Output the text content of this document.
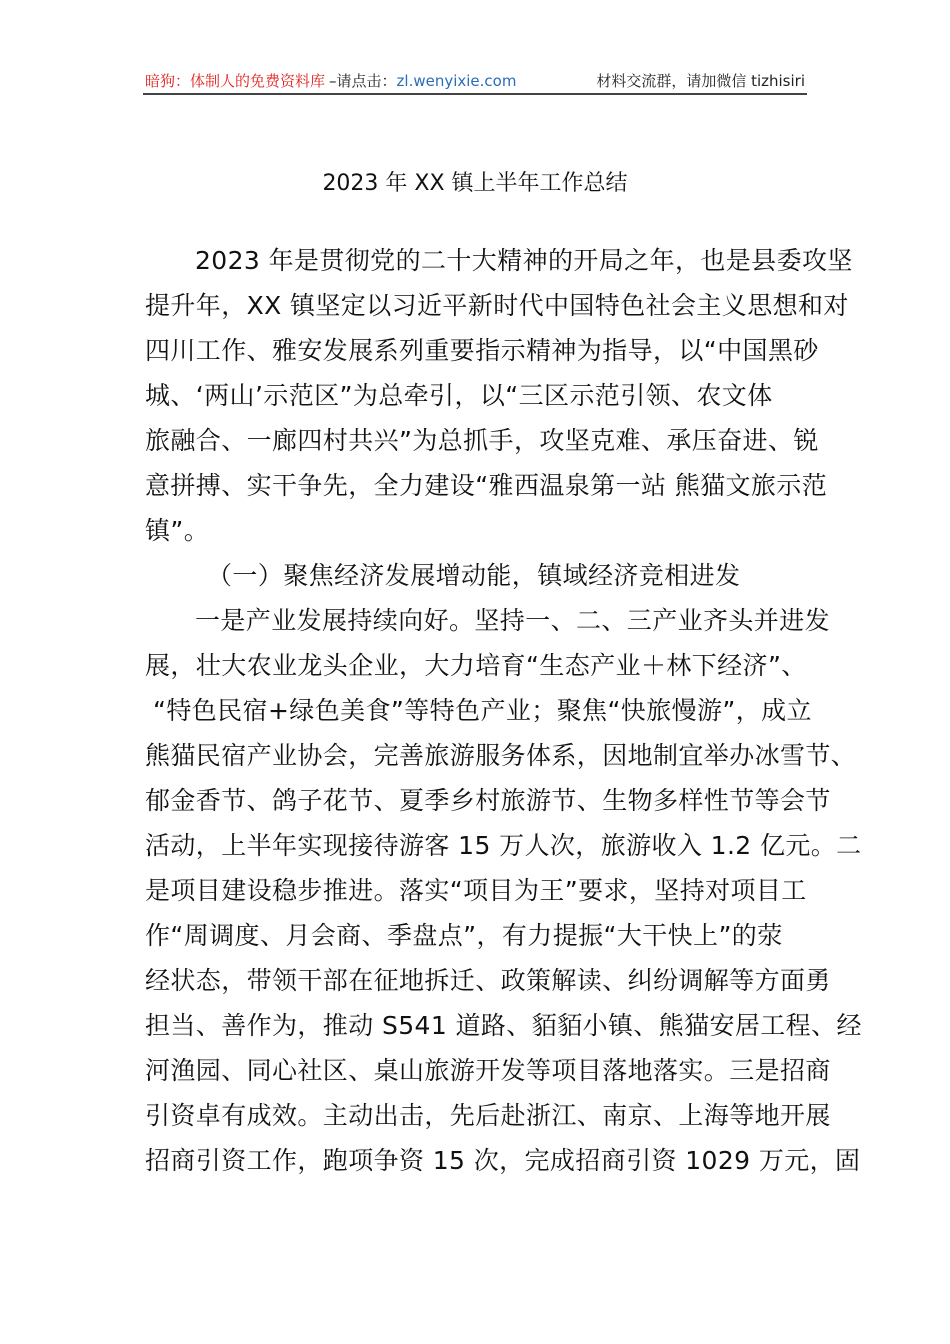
暗狗：体制人的免费资料库 –请点击： zl.wenyixie.com	材料交流群，请加微信 tizhisiri
2023 年 XX 镇上半年工作总结
2023 年是贯彻党的二十大精神的开局之年，也是县委攻坚
提升年，XX 镇坚定以习近平新时代中国特色社会主义思想和对
四川工作、雅安发展系列重要指示精神为指导，以“中国黑砂
城、‘两山’示范区”为总牵引，以“三区示范引领、农文体
旅融合、一廊四村共兴”为总抓手，攻坚克难、承压奋进、锐
意拼搏、实干争先，全力建设“雅西温泉第一站 熊猫文旅示范
镇”。
（一）聚焦经济发展增动能，镇域经济竞相进发
一是产业发展持续向好。坚持一、二、三产业齐头并进发
展，壮大农业龙头企业，大力培育“生态产业＋林下经济”、
“特色民宿+绿色美食”等特色产业；聚焦“快旅慢游”，成立
熊猫民宿产业协会，完善旅游服务体系，因地制宜举办冰雪节、
郁金香节、鸽子花节、夏季乡村旅游节、生物多样性节等会节
活动，上半年实现接待游客 15 万人次，旅游收入 1.2 亿元。二
是项目建设稳步推进。落实“项目为王”要求，坚持对项目工
作“周调度、月会商、季盘点”，有力提振“大干快上”的荥
经状态，带领干部在征地拆迁、政策解读、纠纷调解等方面勇
担当、善作为，推动 S541 道路、貊貊小镇、熊猫安居工程、经
河渔园、同心社区、桌山旅游开发等项目落地落实。三是招商
引资卓有成效。主动出击，先后赴浙江、南京、上海等地开展
招商引资工作，跑项争资 15 次，完成招商引资 1029 万元，固
